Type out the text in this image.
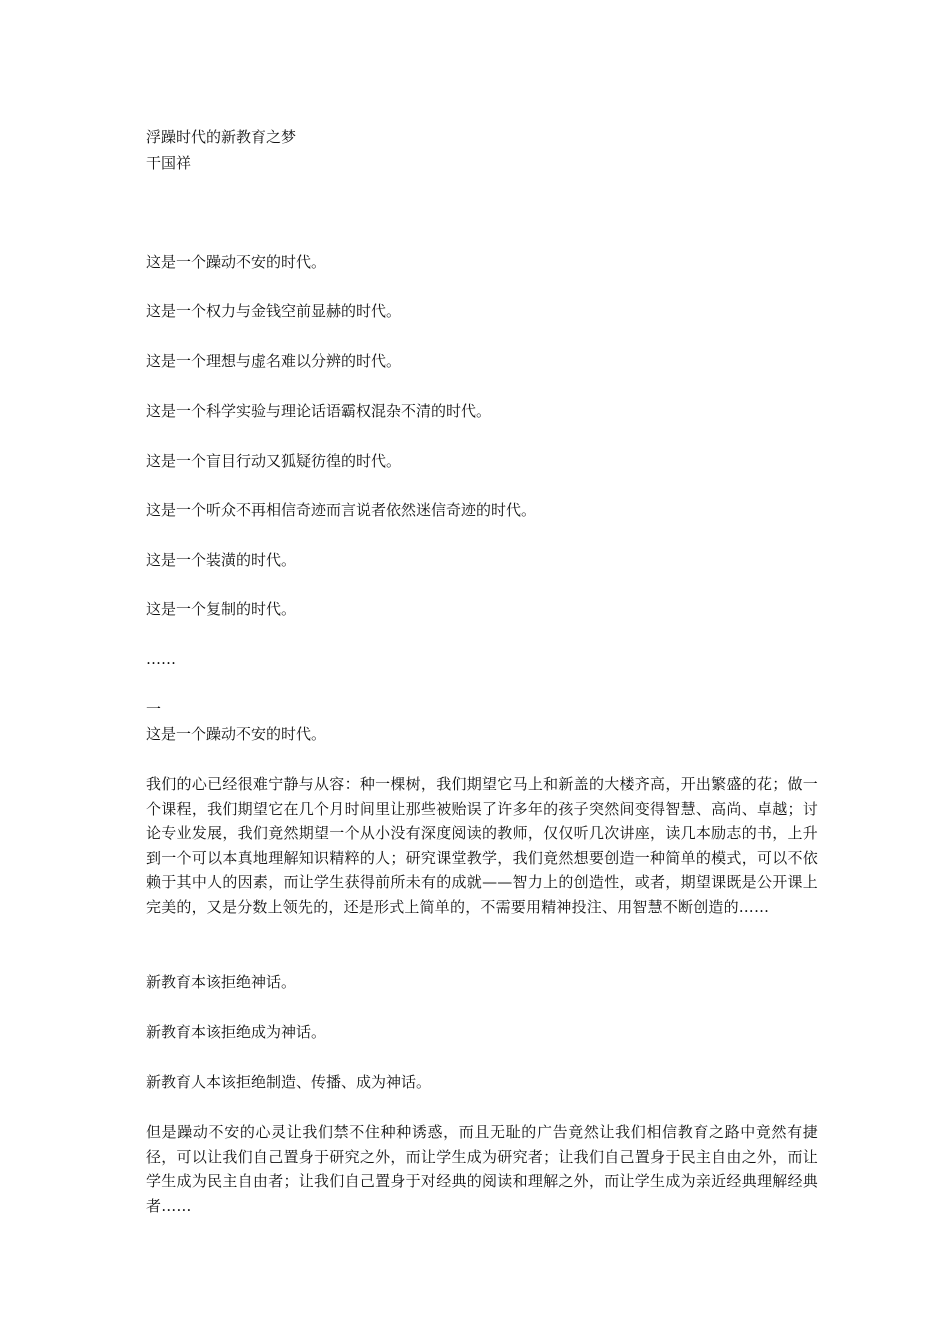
浮躁时代的新教育之梦
干国祥
这是一个躁动不安的时代。
这是一个权力与金钱空前显赫的时代。
这是一个理想与虚名难以分辨的时代。
这是一个科学实验与理论话语霸权混杂不清的时代。
这是一个盲目行动又狐疑彷徨的时代。
这是一个听众不再相信奇迹而言说者依然迷信奇迹的时代。
这是一个装潢的时代。
这是一个复制的时代。
……
一
这是一个躁动不安的时代。
我们的心已经很难宁静与从容：种一棵树，我们期望它马上和新盖的大楼齐高，开出繁盛的花；做一个课程，我们期望它在几个月时间里让那些被贻误了许多年的孩子突然间变得智慧、高尚、卓越；讨论专业发展，我们竟然期望一个从小没有深度阅读的教师，仅仅听几次讲座，读几本励志的书，上升到一个可以本真地理解知识精粹的人；研究课堂教学，我们竟然想要创造一种简单的模式，可以不依赖于其中人的因素，而让学生获得前所未有的成就——智力上的创造性，或者，期望课既是公开课上完美的，又是分数上领先的，还是形式上简单的，不需要用精神投注、用智慧不断创造的……
新教育本该拒绝神话。
新教育本该拒绝成为神话。
新教育人本该拒绝制造、传播、成为神话。
但是躁动不安的心灵让我们禁不住种种诱惑，而且无耻的广告竟然让我们相信教育之路中竟然有捷径，可以让我们自己置身于研究之外，而让学生成为研究者；让我们自己置身于民主自由之外，而让学生成为民主自由者；让我们自己置身于对经典的阅读和理解之外，而让学生成为亲近经典理解经典者……
